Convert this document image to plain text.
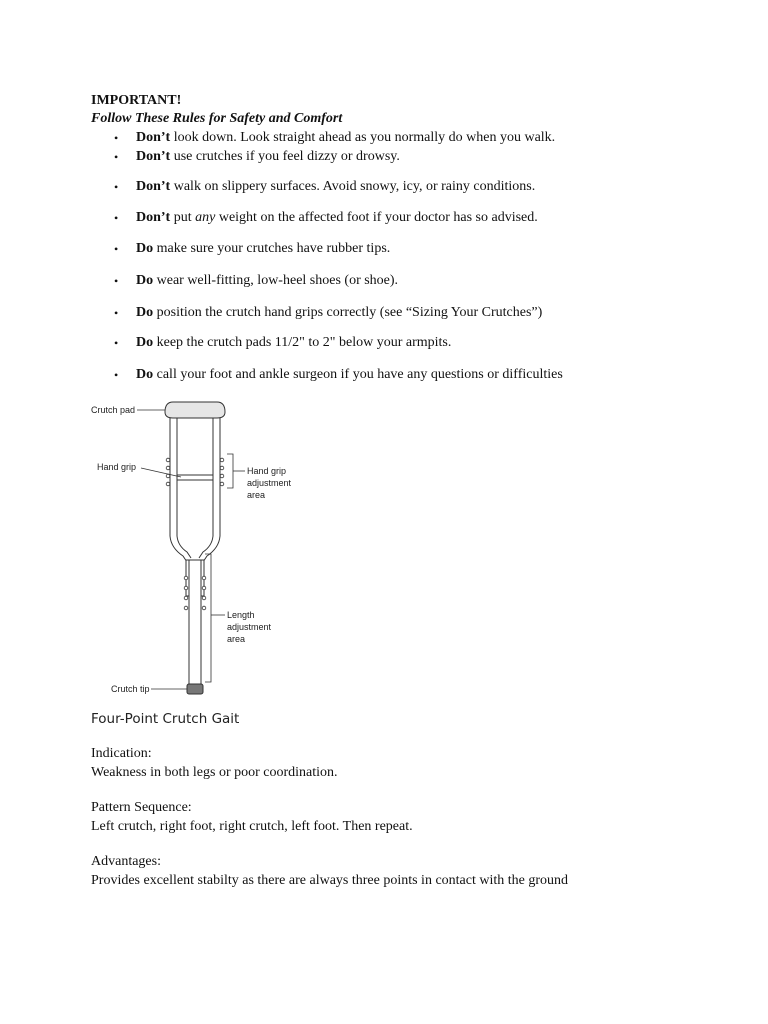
IMPORTANT!

Follow These Rules for Safety and Comfort

•	Don’t look down. Look straight ahead as you normally do when you walk.
•	Don’t use crutches if you feel dizzy or drowsy.
•	Don’t walk on slippery surfaces. Avoid snowy, icy, or rainy conditions.
•	Don’t put any weight on the affected foot if your doctor has so advised.
•	Do make sure your crutches have rubber tips.
•	Do wear well-fitting, low-heel shoes (or shoe).
•	Do position the crutch hand grips correctly (see “Sizing Your Crutches”)
•	Do keep the crutch pads 11/2" to 2" below your armpits.
•	Do call your foot and ankle surgeon if you have any questions or difficulties
Crutch pad
Hand grip	Hand grip
adjustment
area
Length
adjustment
area
Crutch tip

Four-Point Crutch Gait

Indication:

Weakness in both legs or poor coordination.

Pattern Sequence:

Left crutch, right foot, right crutch, left foot. Then repeat.

Advantages:

Provides excellent stabilty as there are always three points in contact with the ground
